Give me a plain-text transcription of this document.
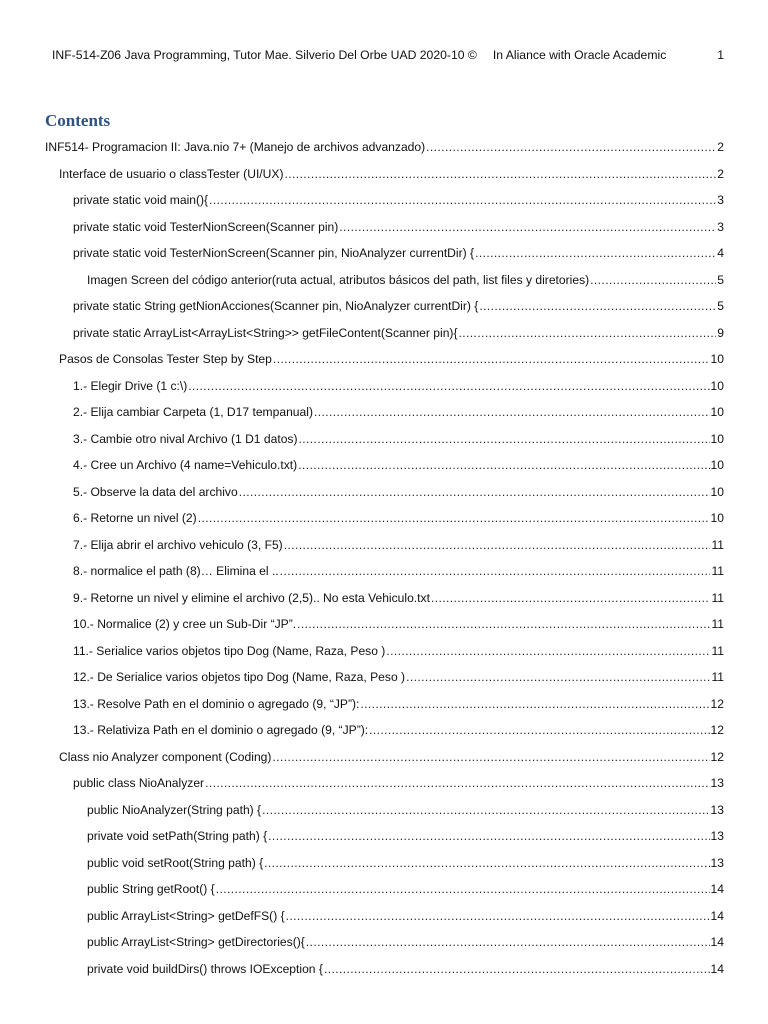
INF-514-Z06 Java Programming, Tutor Mae. Silverio Del Orbe UAD 2020-10 © In Aliance with Oracle Academic	1
Contents
INF514- Programacion II: Java.nio 7+ (Manejo de archivos advanzado) .....	2
Interface de usuario o classTester (UI/UX) .....	2
private static void main(){ .....	3
private static void TesterNionScreen(Scanner pin) .....	3
private static void TesterNionScreen(Scanner pin, NioAnalyzer currentDir) { .....	4
Imagen Screen del código anterior(ruta actual, atributos básicos del path, list files y diretories) .....	5
private static String getNionAcciones(Scanner pin, NioAnalyzer currentDir) { .....	5
private static ArrayList<ArrayList<String>> getFileContent(Scanner pin){ .....	9
Pasos de Consolas Tester Step by Step .....	10
1.- Elegir Drive (1 c:\) .....	10
2.- Elija cambiar Carpeta (1, D17 tempanual) .....	10
3.- Cambie otro nival Archivo (1 D1 datos) .....	10
4.- Cree un Archivo (4 name=Vehiculo.txt) .....	10
5.- Observe la data del archivo .....	10
6.- Retorne un nivel (2) .....	10
7.- Elija abrir el archivo vehiculo (3, F5) .....	11
8.- normalice el path (8)… Elimina el .. .....	11
9.- Retorne un nivel y elimine el archivo (2,5).. No esta Vehiculo.txt .....	11
10.- Normalice (2) y cree un Sub-Dir “JP”. .....	11
11.- Serialice varios objetos tipo Dog (Name, Raza, Peso ) .....	11
12.- De Serialice varios objetos tipo Dog (Name, Raza, Peso ) .....	11
13.- Resolve Path en el dominio o agregado (9, “JP”): .....	12
13.- Relativiza Path en el dominio o agregado (9, “JP”): .....	12
Class nio Analyzer component (Coding) .....	12
public class NioAnalyzer .....	13
public NioAnalyzer(String path) { .....	13
private void setPath(String path) { .....	13
public void setRoot(String path) { .....	13
public String getRoot() { .....	14
public ArrayList<String> getDefFS() { .....	14
public ArrayList<String> getDirectories(){ .....	14
private void buildDirs() throws IOException { .....	14
